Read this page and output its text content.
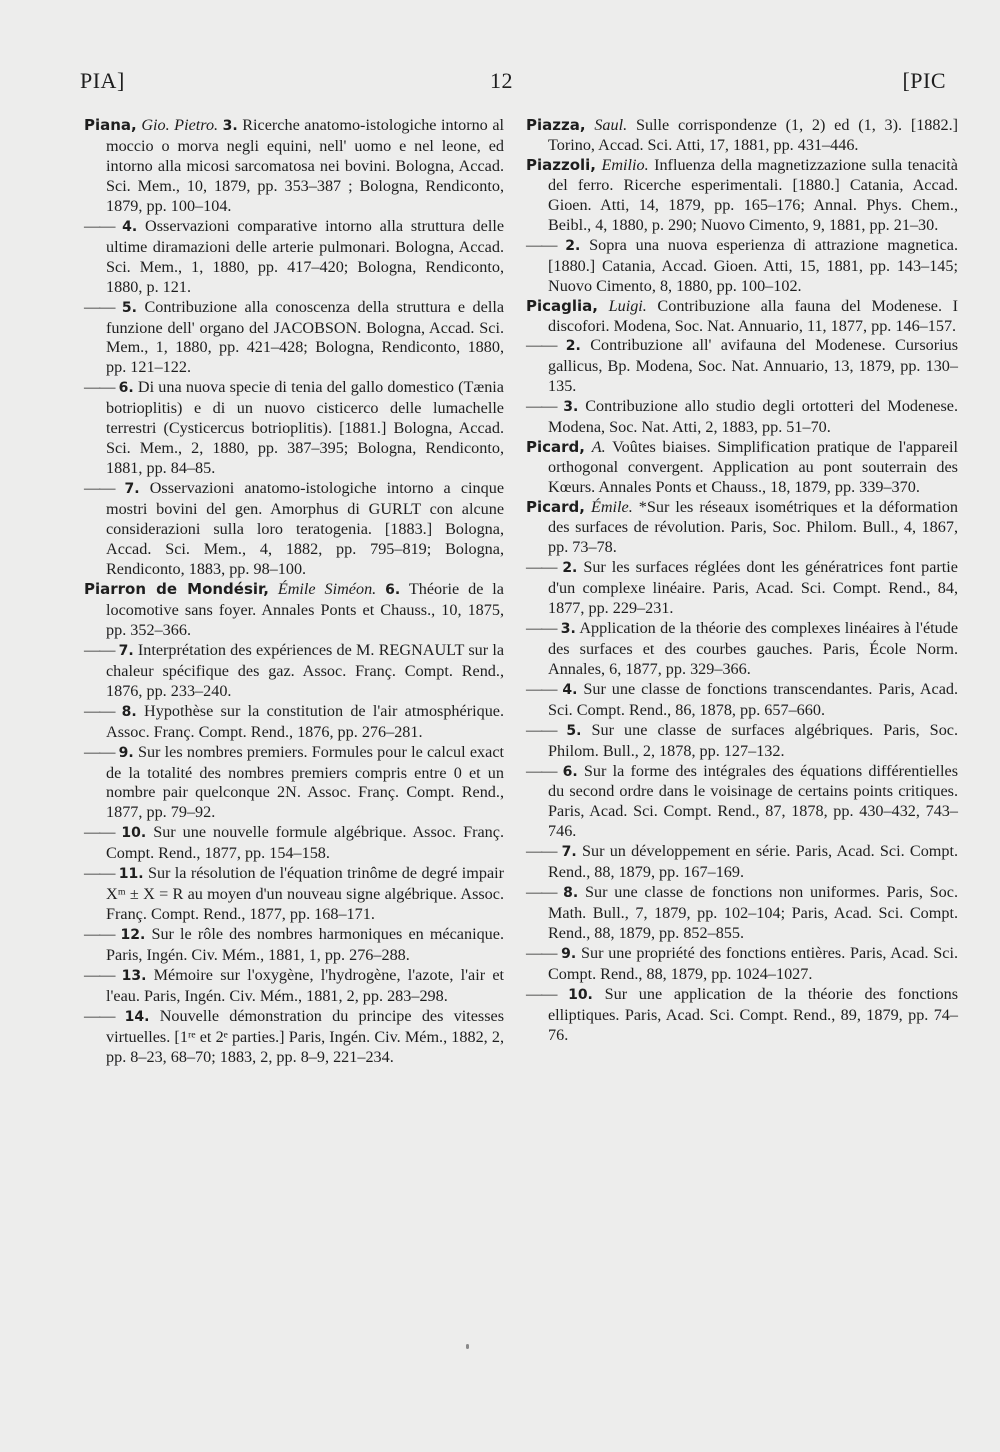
PIA]	12	[PIC

Piana, Gio. Pietro. 3. Ricerche anatomo-istologiche intorno al moccio o morva negli equini, nell' uomo e nel leone, ed intorno alla micosi sarcomatosa nei bovini. Bologna, Accad. Sci. Mem., 10, 1879, pp. 353–387 ; Bologna, Rendiconto, 1879, pp. 100–104.

—— 4. Osservazioni comparative intorno alla struttura delle ultime diramazioni delle arterie pulmonari. Bologna, Accad. Sci. Mem., 1, 1880, pp. 417–420; Bologna, Rendiconto, 1880, p. 121.

—— 5. Contribuzione alla conoscenza della struttura e della funzione dell' organo del JACOBSON. Bologna, Accad. Sci. Mem., 1, 1880, pp. 421–428; Bologna, Rendiconto, 1880, pp. 121–122.

—— 6. Di una nuova specie di tenia del gallo domestico (Tænia botrioplitis) e di un nuovo cisticerco delle lumachelle terrestri (Cysticercus botrioplitis). [1881.] Bologna, Accad. Sci. Mem., 2, 1880, pp. 387–395; Bologna, Rendiconto, 1881, pp. 84–85.

—— 7. Osservazioni anatomo-istologiche intorno a cinque mostri bovini del gen. Amorphus di GURLT con alcune considerazioni sulla loro teratogenia. [1883.] Bologna, Accad. Sci. Mem., 4, 1882, pp. 795–819; Bologna, Rendiconto, 1883, pp. 98–100.

Piarron de Mondésir, Émile Siméon. 6. Théorie de la locomotive sans foyer. Annales Ponts et Chauss., 10, 1875, pp. 352–366.

—— 7. Interprétation des expériences de M. REGNAULT sur la chaleur spécifique des gaz. Assoc. Franç. Compt. Rend., 1876, pp. 233–240.

—— 8. Hypothèse sur la constitution de l'air atmosphérique. Assoc. Franç. Compt. Rend., 1876, pp. 276–281.

—— 9. Sur les nombres premiers. Formules pour le calcul exact de la totalité des nombres premiers compris entre 0 et un nombre pair quelconque 2N. Assoc. Franç. Compt. Rend., 1877, pp. 79–92.

—— 10. Sur une nouvelle formule algébrique. Assoc. Franç. Compt. Rend., 1877, pp. 154–158.

—— 11. Sur la résolution de l'équation trinôme de degré impair Xᵐ ± X = R au moyen d'un nouveau signe algébrique. Assoc. Franç. Compt. Rend., 1877, pp. 168–171.

—— 12. Sur le rôle des nombres harmoniques en mécanique. Paris, Ingén. Civ. Mém., 1881, 1, pp. 276–288.

—— 13. Mémoire sur l'oxygène, l'hydrogène, l'azote, l'air et l'eau. Paris, Ingén. Civ. Mém., 1881, 2, pp. 283–298.

—— 14. Nouvelle démonstration du principe des vitesses virtuelles. [1ʳᵉ et 2ᵉ parties.] Paris, Ingén. Civ. Mém., 1882, 2, pp. 8–23, 68–70; 1883, 2, pp. 8–9, 221–234.

Piazza, Saul. Sulle corrispondenze (1, 2) ed (1, 3). [1882.] Torino, Accad. Sci. Atti, 17, 1881, pp. 431–446.

Piazzoli, Emilio. Influenza della magnetizzazione sulla tenacità del ferro. Ricerche esperimentali. [1880.] Catania, Accad. Gioen. Atti, 14, 1879, pp. 165–176; Annal. Phys. Chem., Beibl., 4, 1880, p. 290; Nuovo Cimento, 9, 1881, pp. 21–30.

—— 2. Sopra una nuova esperienza di attrazione magnetica. [1880.] Catania, Accad. Gioen. Atti, 15, 1881, pp. 143–145; Nuovo Cimento, 8, 1880, pp. 100–102.

Picaglia, Luigi. Contribuzione alla fauna del Modenese. I discofori. Modena, Soc. Nat. Annuario, 11, 1877, pp. 146–157.

—— 2. Contribuzione all' avifauna del Modenese. Cursorius gallicus, Bp. Modena, Soc. Nat. Annuario, 13, 1879, pp. 130–135.

—— 3. Contribuzione allo studio degli ortotteri del Modenese. Modena, Soc. Nat. Atti, 2, 1883, pp. 51–70.

Picard, A. Voûtes biaises. Simplification pratique de l'appareil orthogonal convergent. Application au pont souterrain des Kœurs. Annales Ponts et Chauss., 18, 1879, pp. 339–370.

Picard, Émile. *Sur les réseaux isométriques et la déformation des surfaces de révolution. Paris, Soc. Philom. Bull., 4, 1867, pp. 73–78.

—— 2. Sur les surfaces réglées dont les génératrices font partie d'un complexe linéaire. Paris, Acad. Sci. Compt. Rend., 84, 1877, pp. 229–231.

—— 3. Application de la théorie des complexes linéaires à l'étude des surfaces et des courbes gauches. Paris, École Norm. Annales, 6, 1877, pp. 329–366.

—— 4. Sur une classe de fonctions transcendantes. Paris, Acad. Sci. Compt. Rend., 86, 1878, pp. 657–660.

—— 5. Sur une classe de surfaces algébriques. Paris, Soc. Philom. Bull., 2, 1878, pp. 127–132.

—— 6. Sur la forme des intégrales des équations différentielles du second ordre dans le voisinage de certains points critiques. Paris, Acad. Sci. Compt. Rend., 87, 1878, pp. 430–432, 743–746.

—— 7. Sur un développement en série. Paris, Acad. Sci. Compt. Rend., 88, 1879, pp. 167–169.

—— 8. Sur une classe de fonctions non uniformes. Paris, Soc. Math. Bull., 7, 1879, pp. 102–104; Paris, Acad. Sci. Compt. Rend., 88, 1879, pp. 852–855.

—— 9. Sur une propriété des fonctions entières. Paris, Acad. Sci. Compt. Rend., 88, 1879, pp. 1024–1027.

—— 10. Sur une application de la théorie des fonctions elliptiques. Paris, Acad. Sci. Compt. Rend., 89, 1879, pp. 74–76.
